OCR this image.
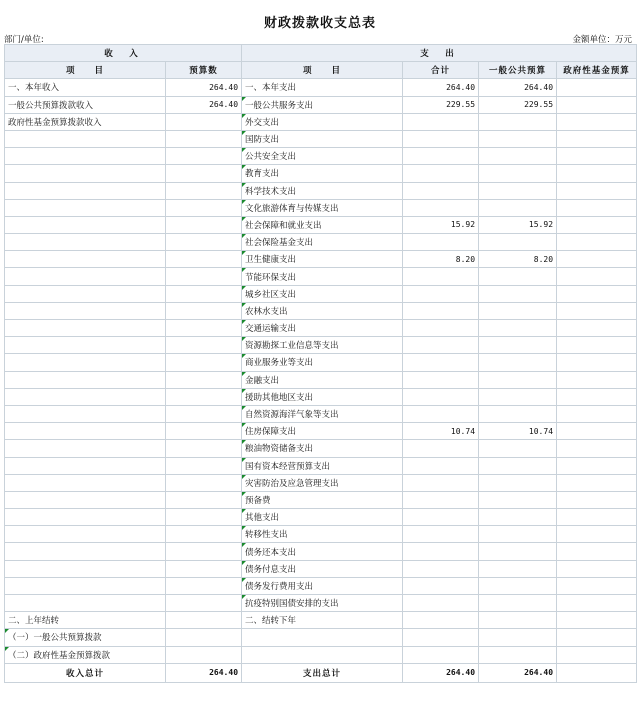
财政拨款收支总表
部门/单位:	金额单位：万元
收　入		支　出			
项　　目	预算数	项　　目	合计	一般公共预算	政府性基金预算
一、本年收入	264.40	一、本年支出	264.40	264.40	
一般公共预算拨款收入	264.40	一般公共服务支出	229.55	229.55	
政府性基金预算拨款收入		外交支出			
		国防支出			
		公共安全支出			
		教育支出			
		科学技术支出			
		文化旅游体育与传媒支出			
		社会保障和就业支出	15.92	15.92	
		社会保险基金支出			
		卫生健康支出	8.20	8.20	
		节能环保支出			
		城乡社区支出			
		农林水支出			
		交通运输支出			
		资源勘探工业信息等支出			
		商业服务业等支出			
		金融支出			
		援助其他地区支出			
		自然资源海洋气象等支出			
		住房保障支出	10.74	10.74	
		粮油物资储备支出			
		国有资本经营预算支出			
		灾害防治及应急管理支出			
		预备费			
		其他支出			
		转移性支出			
		债务还本支出			
		债务付息支出			
		债务发行费用支出			
		抗疫特别国债安排的支出			
二、上年结转		二、结转下年			
（一）一般公共预算拨款					
（二）政府性基金预算拨款					
收入总计	264.40	支出总计	264.40	264.40	
